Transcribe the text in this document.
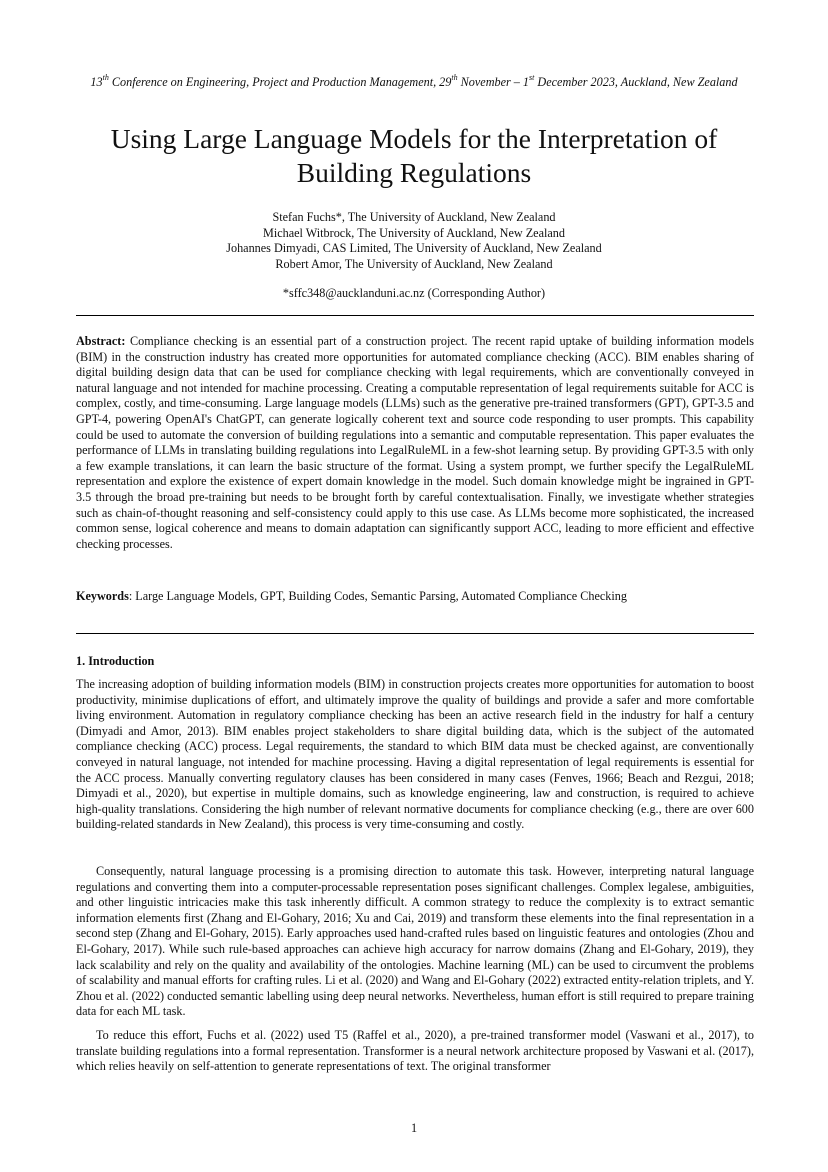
13th Conference on Engineering, Project and Production Management, 29th November – 1st December 2023, Auckland, New Zealand
Using Large Language Models for the Interpretation of
Building Regulations
Stefan Fuchs*, The University of Auckland, New Zealand
Michael Witbrock, The University of Auckland, New Zealand
Johannes Dimyadi, CAS Limited, The University of Auckland, New Zealand
Robert Amor, The University of Auckland, New Zealand
*sffc348@aucklanduni.ac.nz (Corresponding Author)
Abstract: Compliance checking is an essential part of a construction project. The recent rapid uptake of building information models (BIM) in the construction industry has created more opportunities for automated compliance checking (ACC). BIM enables sharing of digital building design data that can be used for compliance checking with legal requirements, which are conventionally conveyed in natural language and not intended for machine processing. Creating a computable representation of legal requirements suitable for ACC is complex, costly, and time-consuming. Large language models (LLMs) such as the generative pre-trained transformers (GPT), GPT-3.5 and GPT-4, powering OpenAI's ChatGPT, can generate logically coherent text and source code responding to user prompts. This capability could be used to automate the conversion of building regulations into a semantic and computable representation. This paper evaluates the performance of LLMs in translating building regulations into LegalRuleML in a few-shot learning setup. By providing GPT-3.5 with only a few example translations, it can learn the basic structure of the format. Using a system prompt, we further specify the LegalRuleML representation and explore the existence of expert domain knowledge in the model. Such domain knowledge might be ingrained in GPT-3.5 through the broad pre-training but needs to be brought forth by careful contextualisation. Finally, we investigate whether strategies such as chain-of-thought reasoning and self-consistency could apply to this use case. As LLMs become more sophisticated, the increased common sense, logical coherence and means to domain adaptation can significantly support ACC, leading to more efficient and effective checking processes.
Keywords: Large Language Models, GPT, Building Codes, Semantic Parsing, Automated Compliance Checking
1. Introduction
The increasing adoption of building information models (BIM) in construction projects creates more opportunities for automation to boost productivity, minimise duplications of effort, and ultimately improve the quality of buildings and provide a safer and more comfortable living environment. Automation in regulatory compliance checking has been an active research field in the industry for half a century (Dimyadi and Amor, 2013). BIM enables project stakeholders to share digital building data, which is the subject of the automated compliance checking (ACC) process. Legal requirements, the standard to which BIM data must be checked against, are conventionally conveyed in natural language, not intended for machine processing. Having a digital representation of legal requirements is essential for the ACC process. Manually converting regulatory clauses has been considered in many cases (Fenves, 1966; Beach and Rezgui, 2018; Dimyadi et al., 2020), but expertise in multiple domains, such as knowledge engineering, law and construction, is required to achieve high-quality translations. Considering the high number of relevant normative documents for compliance checking (e.g., there are over 600 building-related standards in New Zealand), this process is very time-consuming and costly.
Consequently, natural language processing is a promising direction to automate this task. However, interpreting natural language regulations and converting them into a computer-processable representation poses significant challenges. Complex legalese, ambiguities, and other linguistic intricacies make this task inherently difficult. A common strategy to reduce the complexity is to extract semantic information elements first (Zhang and El-Gohary, 2016; Xu and Cai, 2019) and transform these elements into the final representation in a second step (Zhang and El-Gohary, 2015). Early approaches used hand-crafted rules based on linguistic features and ontologies (Zhou and El-Gohary, 2017). While such rule-based approaches can achieve high accuracy for narrow domains (Zhang and El-Gohary, 2019), they lack scalability and rely on the quality and availability of the ontologies. Machine learning (ML) can be used to circumvent the problems of scalability and manual efforts for crafting rules. Li et al. (2020) and Wang and El-Gohary (2022) extracted entity-relation triplets, and Y. Zhou et al. (2022) conducted semantic labelling using deep neural networks. Nevertheless, human effort is still required to prepare training data for each ML task.
To reduce this effort, Fuchs et al. (2022) used T5 (Raffel et al., 2020), a pre-trained transformer model (Vaswani et al., 2017), to translate building regulations into a formal representation. Transformer is a neural network architecture proposed by Vaswani et al. (2017), which relies heavily on self-attention to generate representations of text. The original transformer
1
